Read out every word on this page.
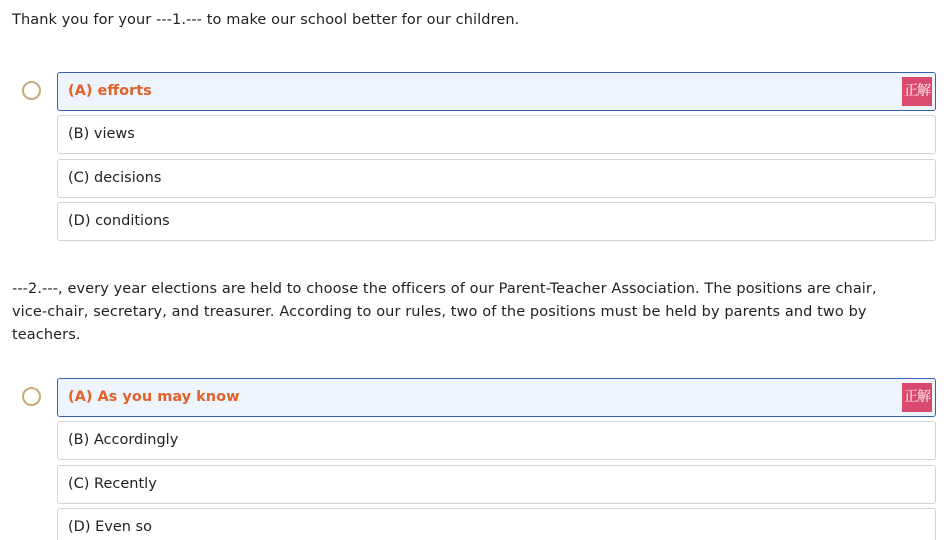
Thank you for your ---1.--- to make our school better for our children.
(A) efforts	正解
(B) views
(C) decisions
(D) conditions
---2.---, every year elections are held to choose the officers of our Parent-Teacher Association. The positions are chair, vice-chair, secretary, and treasurer. According to our rules, two of the positions must be held by parents and two by teachers.
(A) As you may know	正解
(B) Accordingly
(C) Recently
(D) Even so
